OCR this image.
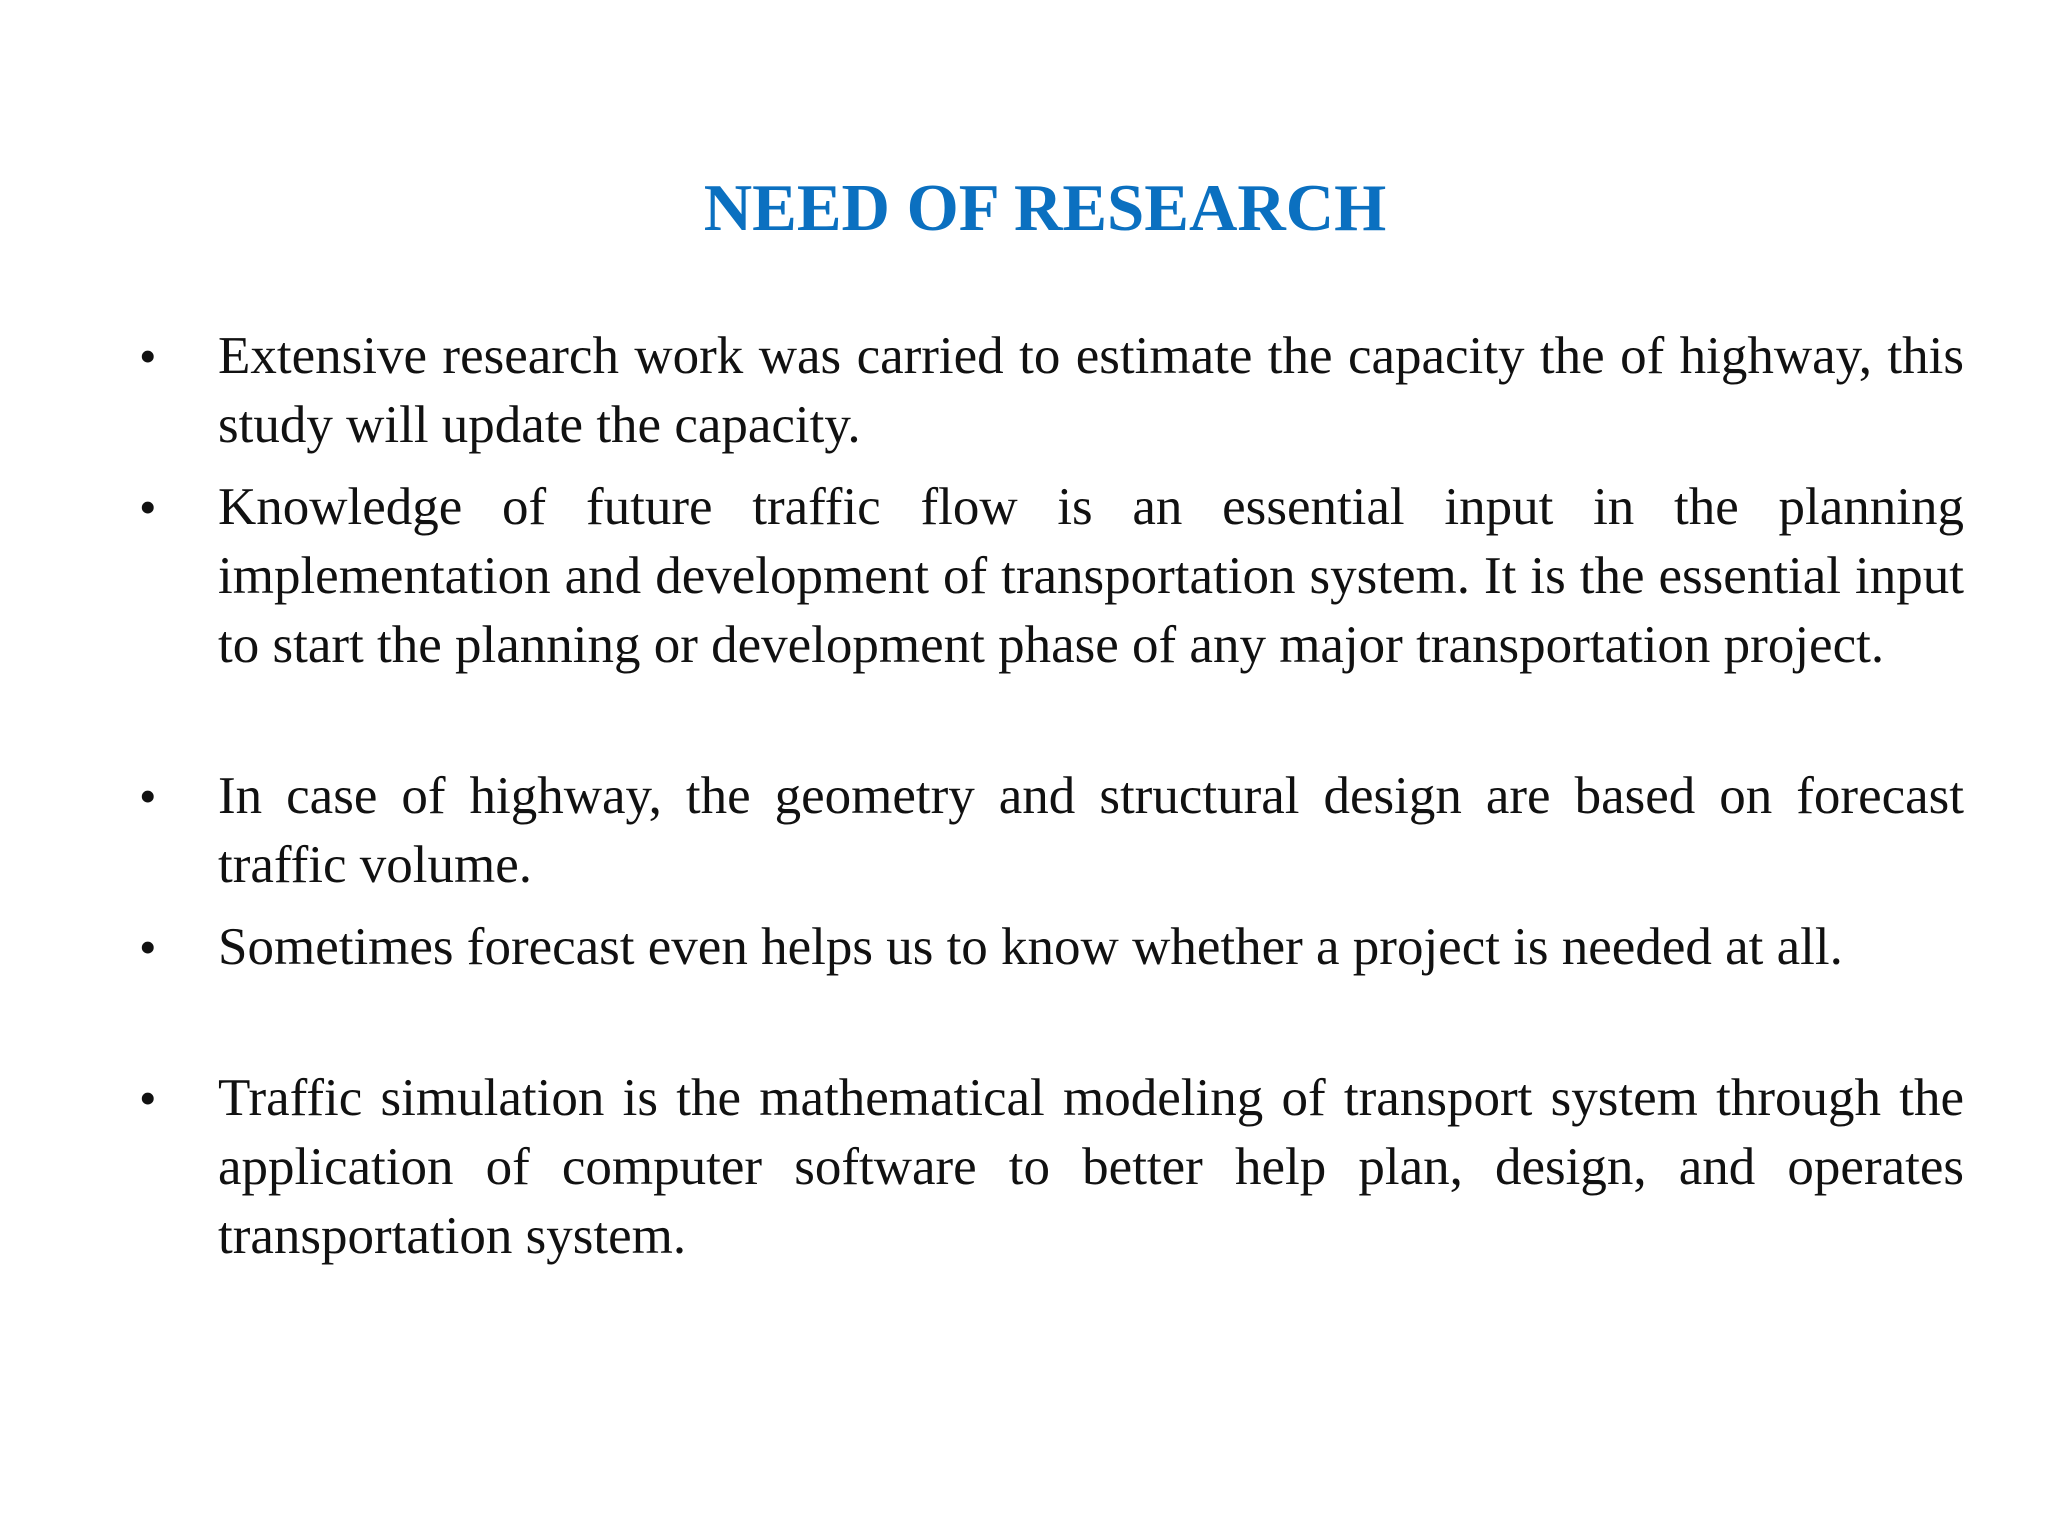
NEED OF RESEARCH
• Extensive research work was carried to estimate the capacity the of highway, this study will update the capacity.
• Knowledge of future traffic flow is an essential input in the planning implementation and development of transportation system. It is the essential input to start the planning or development phase of any major transportation project.
• In case of highway, the geometry and structural design are based on forecast traffic volume.
• Sometimes forecast even helps us to know whether a project is needed at all.
• Traffic simulation is the mathematical modeling of transport system through the application of computer software to better help plan, design, and operates transportation system.
